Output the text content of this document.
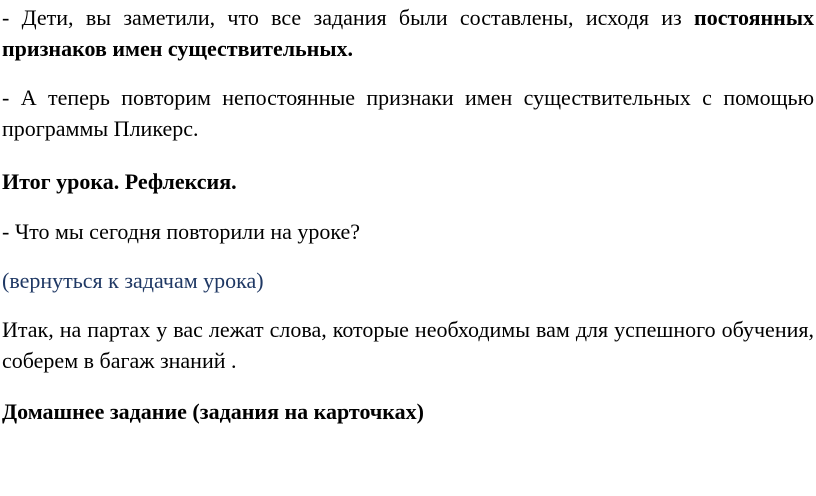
- Дети, вы заметили, что все задания были составлены, исходя из постоянных признаков имен существительных.

- А теперь повторим непостоянные признаки имен существительных с помощью программы Пликерс.

Итог урока. Рефлексия.

- Что мы сегодня повторили на уроке?

(вернуться к задачам урока)

Итак, на партах у вас лежат слова, которые необходимы вам для успешного обучения, соберем в багаж знаний .

Домашнее задание (задания на карточках)
